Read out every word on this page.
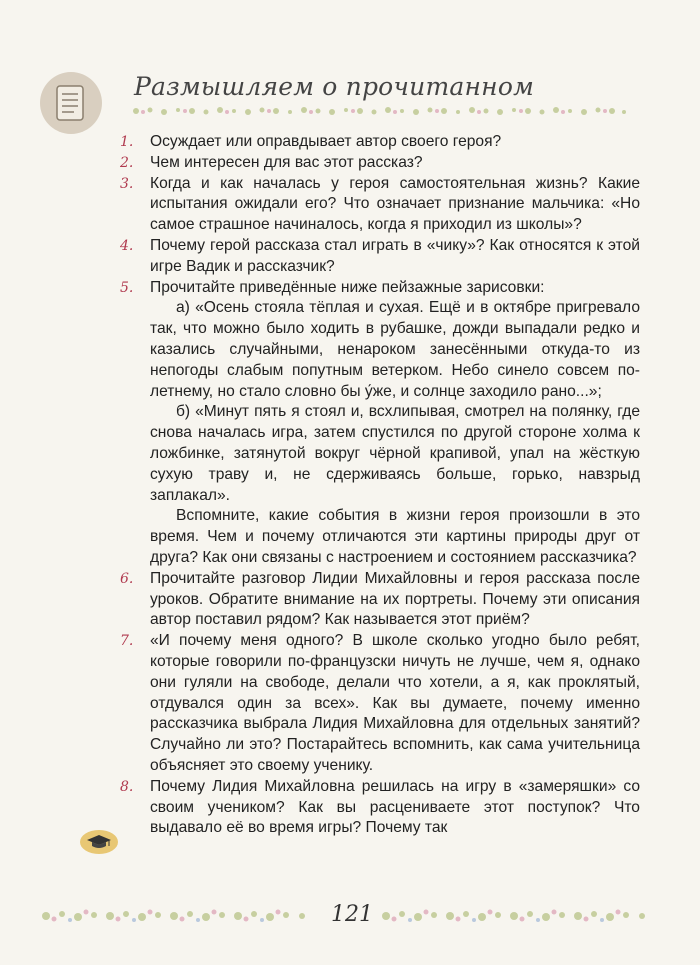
Размышляем о прочитанном
1.	Осуждает или оправдывает автор своего героя?

2.	Чем интересен для вас этот рассказ?

3.	Когда и как началась у героя самостоятельная жизнь? Какие испытания ожидали его? Что означает признание мальчика: «Но самое страшное начиналось, когда я приходил из школы»?

4.	Почему герой рассказа стал играть в «чику»? Как относятся к этой игре Вадик и рассказчик?

5.	Прочитайте приведённые ниже пейзажные зарисовки:

а) «Осень стояла тёплая и сухая. Ещё и в октябре пригревало так, что можно было ходить в рубашке, дожди выпадали редко и казались случайными, ненароком занесёнными откуда-то из непогоды слабым попутным ветерком. Небо синело совсем по-летнему, но стало словно бы у́же, и солнце заходило рано...»;

б) «Минут пять я стоял и, всхлипывая, смотрел на полянку, где снова началась игра, затем спустился по другой стороне холма к ложбинке, затянутой вокруг чёрной крапивой, упал на жёсткую сухую траву и, не сдерживаясь больше, горько, навзрыд заплакал».

Вспомните, какие события в жизни героя произошли в это время. Чем и почему отличаются эти картины природы друг от друга? Как они связаны с настроением и состоянием рассказчика?

6.	Прочитайте разговор Лидии Михайловны и героя рассказа после уроков. Обратите внимание на их портреты. Почему эти описания автор поставил рядом? Как называется этот приём?

7.	«И почему меня одного? В школе сколько угодно было ребят, которые говорили по-французски ничуть не лучше, чем я, однако они гуляли на свободе, делали что хотели, а я, как проклятый, отдувался один за всех». Как вы думаете, почему именно рассказчика выбрала Лидия Михайловна для отдельных занятий? Случайно ли это? Постарайтесь вспомнить, как сама учительница объясняет это своему ученику.

8.	Почему Лидия Михайловна решилась на игру в «замеряшки» со своим учеником? Как вы расцениваете этот поступок? Что выдавало её во время игры? Почему так

121
